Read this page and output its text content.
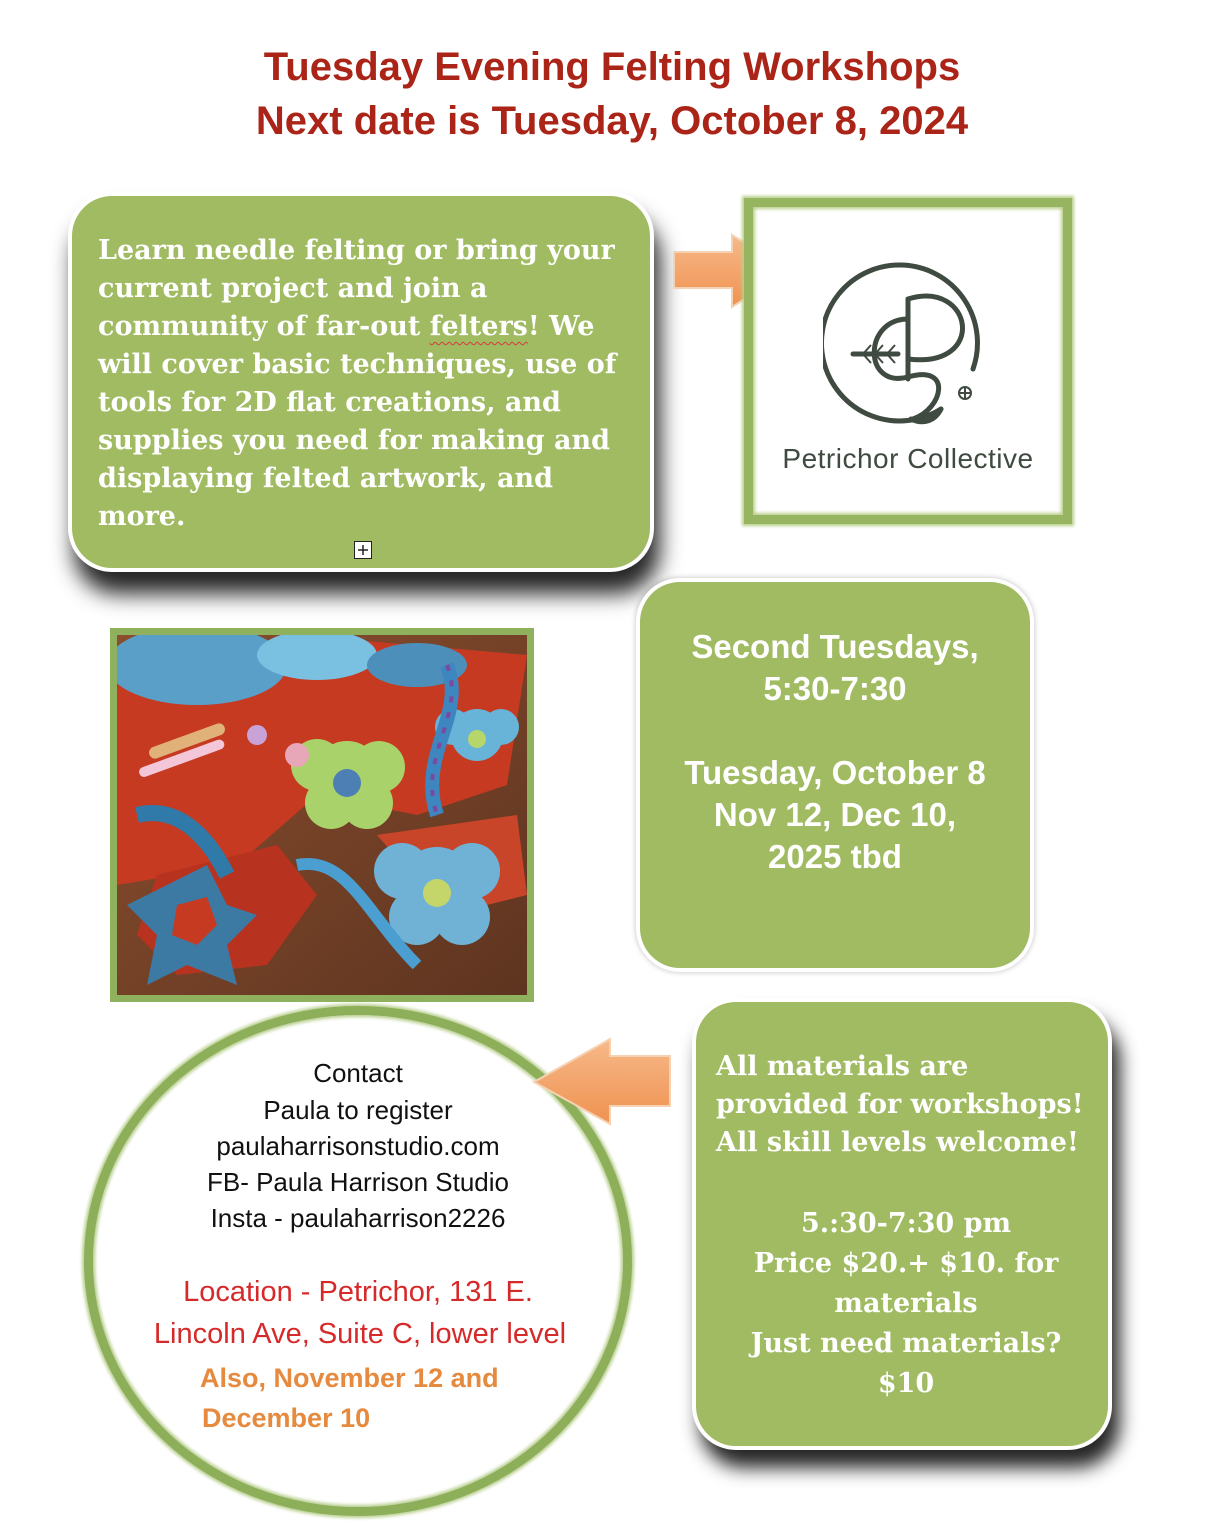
Tuesday Evening Felting Workshops
Next date is Tuesday, October 8, 2024
Learn needle felting or bring your current project and join a community of far-out felters! We will cover basic techniques, use of tools for 2D flat creations, and supplies you need for making and displaying felted artwork, and more.
Petrichor Collective
Second Tuesdays,
5:30-7:30
Tuesday, October 8
Nov 12, Dec 10,
2025 tbd
Contact
Paula to register
paulaharrisonstudio.com
FB- Paula Harrison Studio
Insta - paulaharrison2226
Location - Petrichor, 131 E.
Lincoln Ave, Suite C, lower level
Also, November 12 and
December 10
All materials are
provided for workshops!
All skill levels welcome!
5.:30-7:30 pm
Price $20.+ $10. for
materials
Just need materials?
$10
